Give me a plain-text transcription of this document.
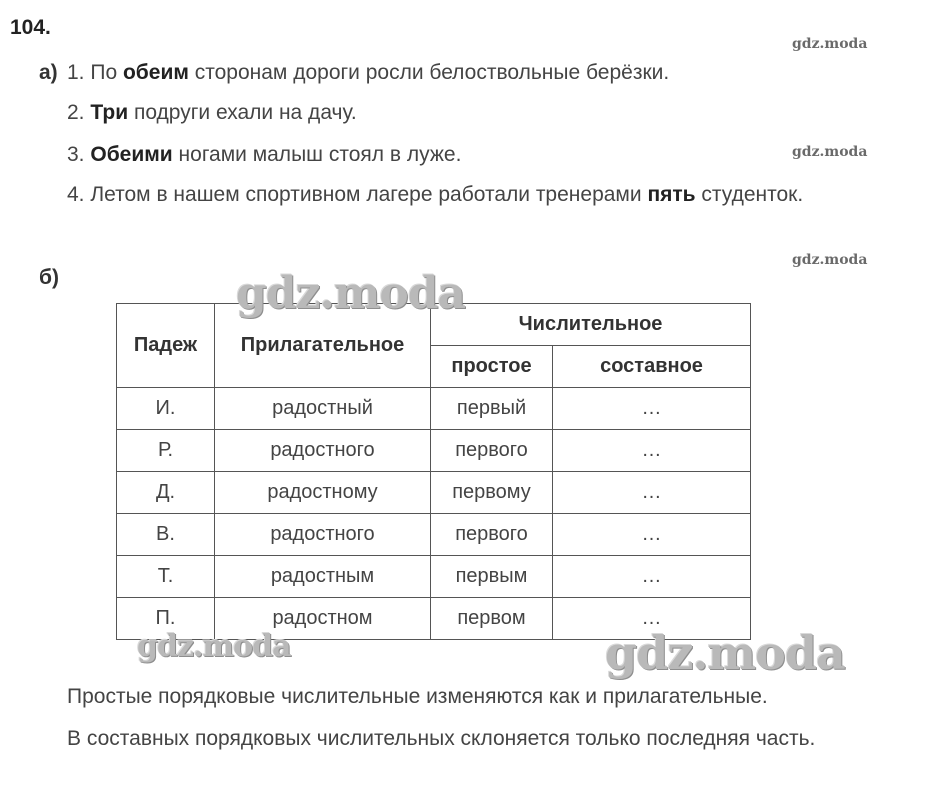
104.
gdz.moda
gdz.moda
gdz.moda
а) 1. По обеим сторонам дороги росли белоствольные берёзки.
2. Три подруги ехали на дачу.
3. Обеими ногами малыш стоял в луже.
4. Летом в нашем спортивном лагере работали тренерами пять студенток.
б)
Падеж	Прилагательное	Числительное	
		простое	составное
И.	радостный	первый	…
Р.	радостного	первого	…
Д.	радостному	первому	…
В.	радостного	первого	…
Т.	радостным	первым	…
П.	радостном	первом	…
gdz.moda
gdz.moda	gdz.moda
Простые порядковые числительные изменяются как и прилагательные.
В составных порядковых числительных склоняется только последняя часть.
